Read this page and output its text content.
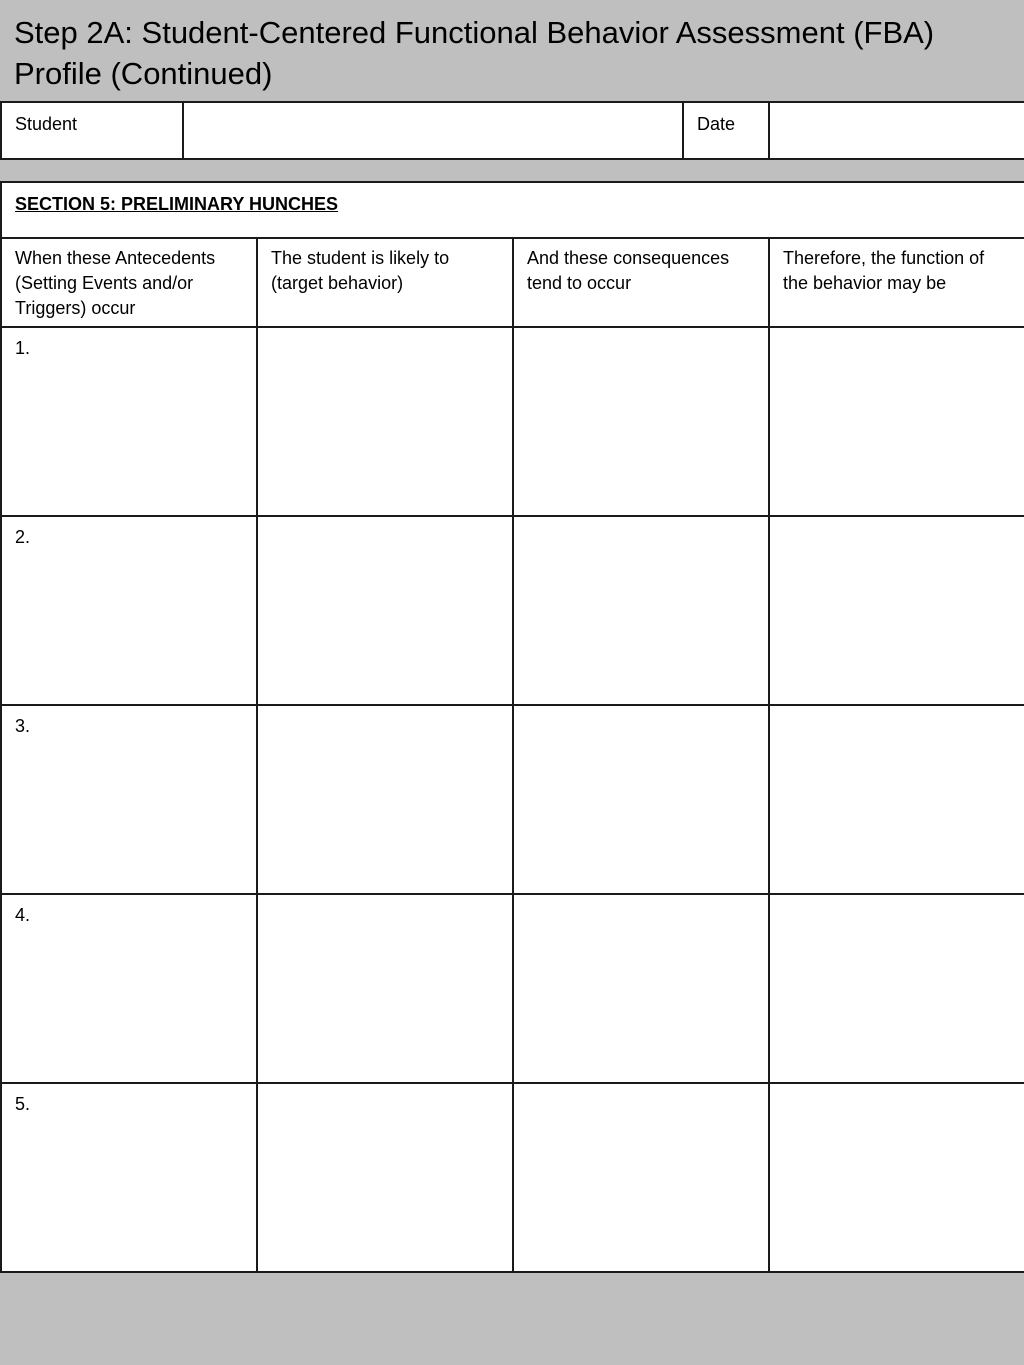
Step 2A: Student-Centered Functional Behavior Assessment (FBA) Profile (Continued)
Student		Date	
SECTION 5: PRELIMINARY HUNCHES			
When these Antecedents (Setting Events and/or Triggers) occur	The student is likely to (target behavior)	And these consequences tend to occur	Therefore, the function of the behavior may be
1.			
2.			
3.			
4.			
5.			
